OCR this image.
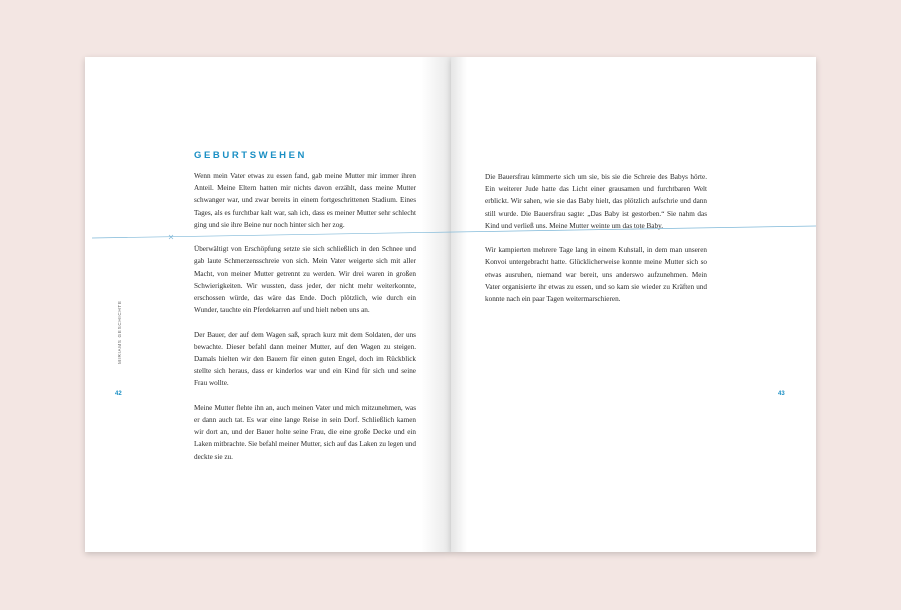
GEBURTSWEHEN

Wenn mein Vater etwas zu essen fand, gab meine Mutter mir immer ihren Anteil. Meine Eltern hatten mir nichts davon erzählt, dass meine Mutter schwanger war, und zwar bereits in einem fortgeschrittenen Stadium. Eines Tages, als es furchtbar kalt war, sah ich, dass es meiner Mutter sehr schlecht ging und sie ihre Beine nur noch hinter sich her zog.

Überwältigt von Erschöpfung setzte sie sich schließlich in den Schnee und gab laute Schmerzensschreie von sich. Mein Vater weigerte sich mit aller Macht, von meiner Mutter getrennt zu werden. Wir drei waren in großen Schwierigkeiten. Wir wussten, dass jeder, der nicht mehr weiterkonnte, erschossen würde, das wäre das Ende. Doch plötzlich, wie durch ein Wunder, tauchte ein Pferdekarren auf und hielt neben uns an.

Der Bauer, der auf dem Wagen saß, sprach kurz mit dem Soldaten, der uns bewachte. Dieser befahl dann meiner Mutter, auf den Wagen zu steigen. Damals hielten wir den Bauern für einen guten Engel, doch im Rückblick stellte sich heraus, dass er kinderlos war und ein Kind für sich und seine Frau wollte.

Meine Mutter flehte ihn an, auch meinen Vater und mich mitzunehmen, was er dann auch tat. Es war eine lange Reise in sein Dorf. Schließlich kamen wir dort an, und der Bauer holte seine Frau, die eine große Decke und ein Laken mitbrachte. Sie befahl meiner Mutter, sich auf das Laken zu legen und deckte sie zu.

MIRIAMS GESCHICHTE
42

Die Bauersfrau kümmerte sich um sie, bis sie die Schreie des Babys hörte. Ein weiterer Jude hatte das Licht einer grausamen und furchtbaren Welt erblickt. Wir sahen, wie sie das Baby hielt, das plötzlich aufschrie und dann still wurde. Die Bauersfrau sagte: „Das Baby ist gestorben.“ Sie nahm das Kind und verließ uns. Meine Mutter weinte um das tote Baby.

Wir kampierten mehrere Tage lang in einem Kuhstall, in dem man unseren Konvoi untergebracht hatte. Glücklicherweise konnte meine Mutter sich so etwas ausruhen, niemand war bereit, uns anderswo aufzunehmen. Mein Vater organisierte ihr etwas zu essen, und so kam sie wieder zu Kräften und konnte nach ein paar Tagen weitermarschieren.

43
